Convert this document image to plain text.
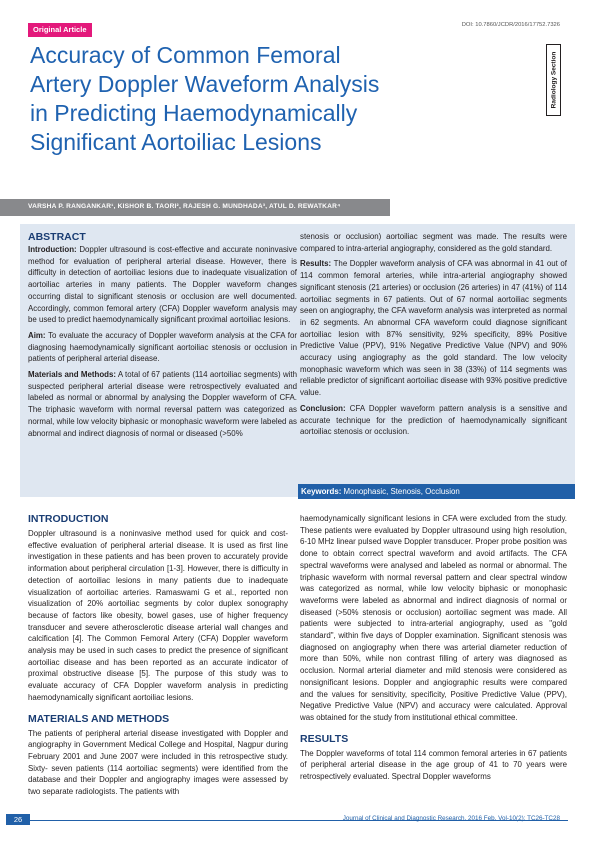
Original Article	DOI: 10.7860/JCDR/2016/17752.7326
Radiology Section
Accuracy of Common Femoral
Artery Doppler Waveform Analysis
in Predicting Haemodynamically
Significant Aortoiliac Lesions
VARSHA P. RANGANKAR¹, KISHOR B. TAORI², RAJESH G. MUNDHADA³, ATUL D. REWATKAR⁴
ABSTRACT

Introduction: Doppler ultrasound is cost-effective and accurate noninvasive method for evaluation of peripheral arterial disease. However, there is difficulty in detection of aortoiliac lesions due to inadequate visualization of aortoiliac arteries in many patients. The Doppler waveform changes occurring distal to significant stenosis or occlusion are well documented. Accordingly, common femoral artery (CFA) Doppler waveform analysis may be used to predict haemodynamically significant proximal aortoiliac lesions.

Aim: To evaluate the accuracy of Doppler waveform analysis at the CFA for diagnosing haemodynamically significant aortoiliac stenosis or occlusion in patients of peripheral arterial disease.

Materials and Methods: A total of 67 patients (114 aortoiliac segments) with suspected peripheral arterial disease were retrospectively evaluated and labeled as normal or abnormal by analysing the Doppler waveform of CFA. The triphasic waveform with normal reversal pattern was categorized as normal, while low velocity biphasic or monophasic waveform were labeled as abnormal and indirect diagnosis of normal or diseased (>50%

stenosis or occlusion) aortoiliac segment was made. The results were compared to intra-arterial angiography, considered as the gold standard.

Results: The Doppler waveform analysis of CFA was abnormal in 41 out of 114 common femoral arteries, while intra-arterial angiography showed significant stenosis (21 arteries) or occlusion (26 arteries) in 47 (41%) of 114 aortoiliac segments in 67 patients. Out of 67 normal aortoiliac segments seen on angiography, the CFA waveform analysis was interpreted as normal in 62 segments. An abnormal CFA waveform could diagnose significant aortoiliac lesion with 87% sensitivity, 92% specificity, 89% Positive Predictive Value (PPV), 91% Negative Predictive Value (NPV) and 90% accuracy using angiography as the gold standard. The low velocity monophasic waveform which was seen in 38 (33%) of 114 segments was reliable predictor of significant aortoiliac disease with 93% positive predictive value.

Conclusion: CFA Doppler waveform pattern analysis is a sensitive and accurate technique for the prediction of haemodynamically significant aortoiliac stenosis or occlusion.

Keywords: Monophasic, Stenosis, Occlusion
INTRODUCTION

Doppler ultrasound is a noninvasive method used for quick and cost-effective evaluation of peripheral arterial disease. It is used as first line investigation in these patients and has been proven to accurately provide information about peripheral circulation [1-3]. However, there is difficulty in detection of aortoiliac lesions in many patients due to inadequate visualization of aortoiliac arteries. Ramaswami G et al., reported non visualization of 20% aortoiliac segments by color duplex sonography because of factors like obesity, bowel gases, use of higher frequency transducer and severe atherosclerotic disease arterial wall changes and calcification [4]. The Common Femoral Artery (CFA) Doppler waveform analysis may be used in such cases to predict the presence of significant aortoiliac disease and has been reported as an accurate indicator of proximal obstructive disease [5]. The purpose of this study was to evaluate accuracy of CFA Doppler waveform analysis in predicting haemodynamically significant aortoiliac lesions.

MATERIALS AND METHODS

The patients of peripheral arterial disease investigated with Doppler and angiography in Government Medical College and Hospital, Nagpur during February 2001 and June 2007 were included in this retrospective study. Sixty- seven patients (114 aortoiliac segments) were identified from the database and their Doppler and angiography images were assessed by two separate radiologists. The patients with

haemodynamically significant lesions in CFA were excluded from the study. These patients were evaluated by Doppler ultrasound using high resolution, 6-10 MHz linear pulsed wave Doppler transducer. Proper probe position was done to obtain correct spectral waveform and avoid artifacts. The CFA spectral waveforms were analysed and labeled as normal or abnormal. The triphasic waveform with normal reversal pattern and clear spectral window was categorized as normal, while low velocity biphasic or monophasic waveforms were labeled as abnormal and indirect diagnosis of normal or diseased (>50% stenosis or occlusion) aortoiliac segment was made. All patients were subjected to intra-arterial angiography, used as "gold standard", within five days of Doppler examination. Significant stenosis was diagnosed on angiography when there was arterial diameter reduction of more than 50%, while non contrast filling of artery was diagnosed as occlusion. Normal arterial diameter and mild stenosis were considered as nonsignificant lesions. Doppler and angiographic results were compared and the values for sensitivity, specificity, Positive Predictive Value (PPV), Negative Predictive Value (NPV) and accuracy were calculated. Approval was obtained for the study from institutional ethical committee.

RESULTS

The Doppler waveforms of total 114 common femoral arteries in 67 patients of peripheral arterial disease in the age group of 41 to 70 years were retrospectively evaluated. Spectral Doppler waveforms

26	Journal of Clinical and Diagnostic Research. 2016 Feb, Vol-10(2): TC26-TC28
